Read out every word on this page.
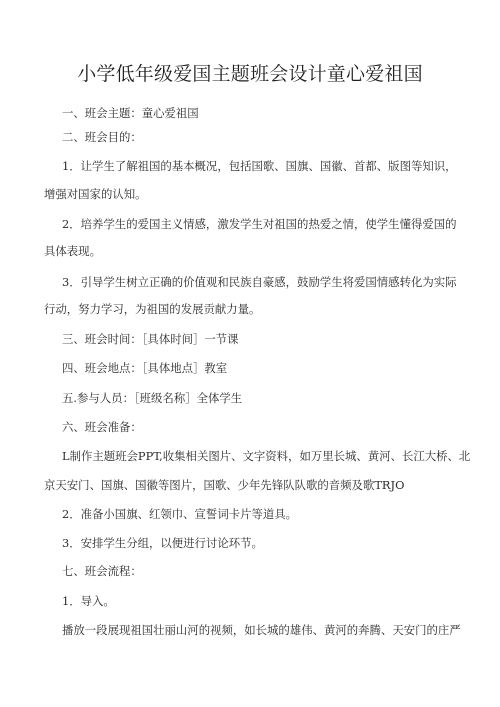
小学低年级爱国主题班会设计童心爱祖国
一、班会主题：童心爱祖国
二、班会目的：
1．让学生了解祖国的基本概况，包括国歌、国旗、国徽、首都、版图等知识，
增强对国家的认知。
2．培养学生的爱国主义情感，激发学生对祖国的热爱之情，使学生懂得爱国的
具体表现。
3．引导学生树立正确的价值观和民族自豪感，鼓励学生将爱国情感转化为实际
行动，努力学习，为祖国的发展贡献力量。
三、班会时间：［具体时间］一节课
四、班会地点：［具体地点］教室
五.参与人员：［班级名称］全体学生
六、班会准备：
L制作主题班会PPT,收集相关图片、文字资料，如万里长城、黄河、长江大桥、北
京天安门、国旗、国徽等图片，国歌、少年先锋队队歌的音频及歌TRJO
2．准备小国旗、红领巾、宣誓词卡片等道具。
3．安排学生分组，以便进行讨论环节。
七、班会流程：
1．导入。
播放一段展现祖国壮丽山河的视频，如长城的雄伟、黄河的奔腾、天安门的庄严
